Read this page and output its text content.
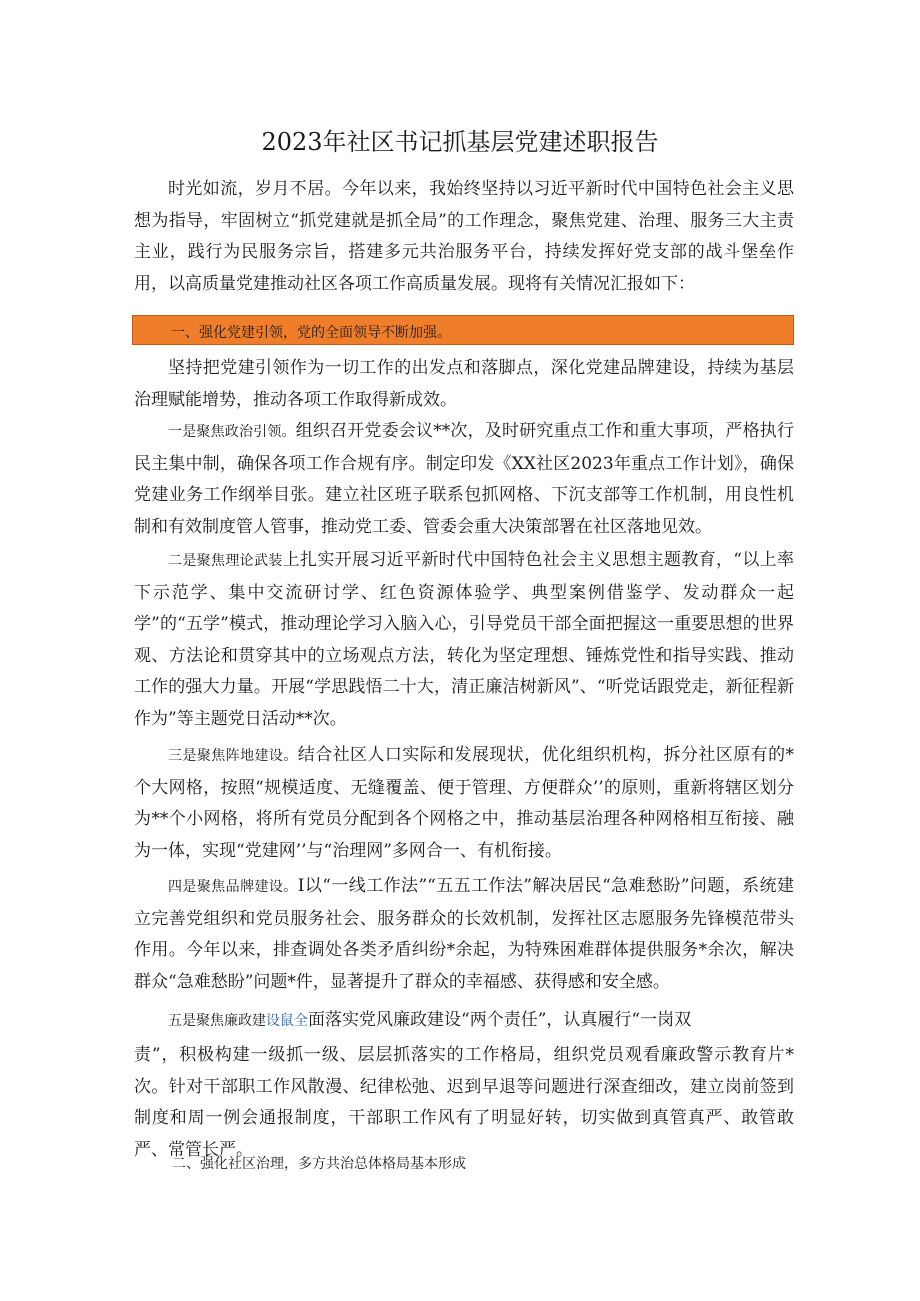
2023年社区书记抓基层党建述职报告
时光如流，岁月不居。今年以来，我始终坚持以习近平新时代中国特色社会主义思想为指导，牢固树立“抓党建就是抓全局”的工作理念，聚焦党建、治理、服务三大主责主业，践行为民服务宗旨，搭建多元共治服务平台，持续发挥好党支部的战斗堡垒作用，以高质量党建推动社区各项工作高质量发展。现将有关情况汇报如下：
一、强化党建引领，党的全面领导不断加强。
坚持把党建引领作为一切工作的出发点和落脚点，深化党建品牌建设，持续为基层治理赋能增势，推动各项工作取得新成效。
一是聚焦政治引领。组织召开党委会议**次，及时研究重点工作和重大事项，严格执行民主集中制，确保各项工作合规有序。制定印发《XX社区2023年重点工作计划》，确保党建业务工作纲举目张。建立社区班子联系包抓网格、下沉支部等工作机制，用良性机制和有效制度管人管事，推动党工委、管委会重大决策部署在社区落地见效。
二是聚焦理论武装上扎实开展习近平新时代中国特色社会主义思想主题教育，“以上率下示范学、集中交流研讨学、红色资源体验学、典型案例借鉴学、发动群众一起学”的“五学”模式，推动理论学习入脑入心，引导党员干部全面把握这一重要思想的世界观、方法论和贯穿其中的立场观点方法，转化为坚定理想、锤炼党性和指导实践、推动工作的强大力量。开展“学思践悟二十大，清正廉洁树新风”、“听党话跟党走，新征程新作为”等主题党日活动**次。
三是聚焦阵地建设。结合社区人口实际和发展现状，优化组织机构，拆分社区原有的*个大网格，按照“规模适度、无缝覆盖、便于管理、方便群众’’的原则，重新将辖区划分为**个小网格，将所有党员分配到各个网格之中，推动基层治理各种网格相互衔接、融为一体，实现“党建网’’与“治理网”多网合一、有机衔接。
四是聚焦品牌建设。I以“一线工作法”“五五工作法”解决居民“急难愁盼”问题，系统建立完善党组织和党员服务社会、服务群众的长效机制，发挥社区志愿服务先锋模范带头作用。今年以来，排查调处各类矛盾纠纷*余起，为特殊困难群体提供服务*余次，解决群众“急难愁盼”问题*件，显著提升了群众的幸福感、获得感和安全感。
五是聚焦廉政建设鼠全面落实党风廉政建设“两个责任”，认真履行“一岗双
责”，积极构建一级抓一级、层层抓落实的工作格局，组织党员观看廉政警示教育片*次。针对干部职工作风散漫、纪律松弛、迟到早退等问题进行深查细改，建立岗前签到制度和周一例会通报制度，干部职工作风有了明显好转，切实做到真管真严、敢管敢严、常管长严。
二、强化社区治理，多方共治总体格局基本形成
